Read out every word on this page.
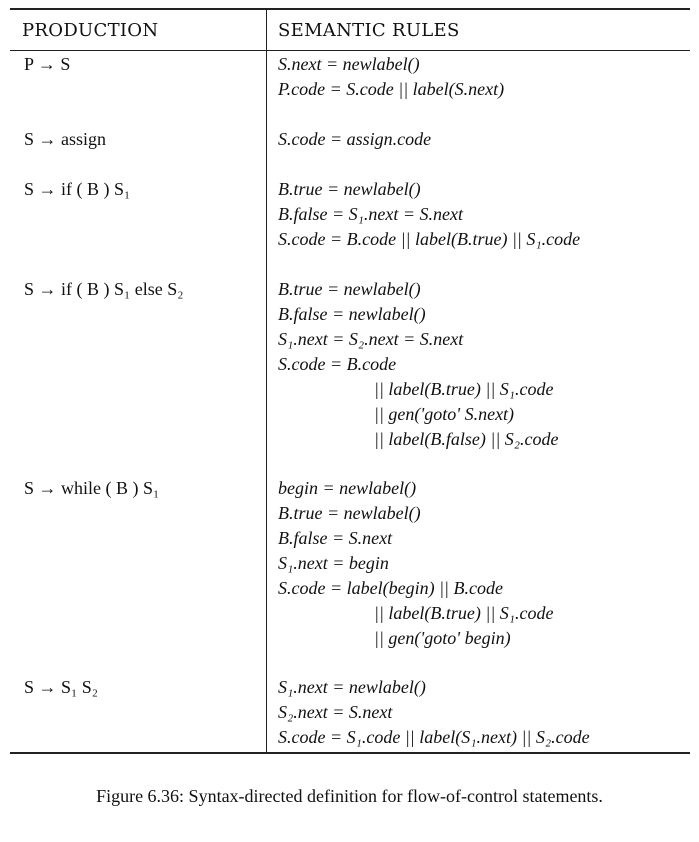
PRODUCTION	SEMANTIC RULES
P → S	S.next = newlabel()
P.code = S.code || label(S.next)
S → assign	S.code = assign.code
S → if ( B ) S₁	B.true = newlabel()
B.false = S₁.next = S.next
S.code = B.code || label(B.true) || S₁.code
S → if ( B ) S₁ else S₂	B.true = newlabel()
B.false = newlabel()
S₁.next = S₂.next = S.next
S.code = B.code
|| label(B.true) || S₁.code
|| gen('goto' S.next)
|| label(B.false) || S₂.code
S → while ( B ) S₁	begin = newlabel()
B.true = newlabel()
B.false = S.next
S₁.next = begin
S.code = label(begin) || B.code
|| label(B.true) || S₁.code
|| gen('goto' begin)
S → S₁ S₂	S₁.next = newlabel()
S₂.next = S.next
S.code = S₁.code || label(S₁.next) || S₂.code
Figure 6.36: Syntax-directed definition for flow-of-control statements.
